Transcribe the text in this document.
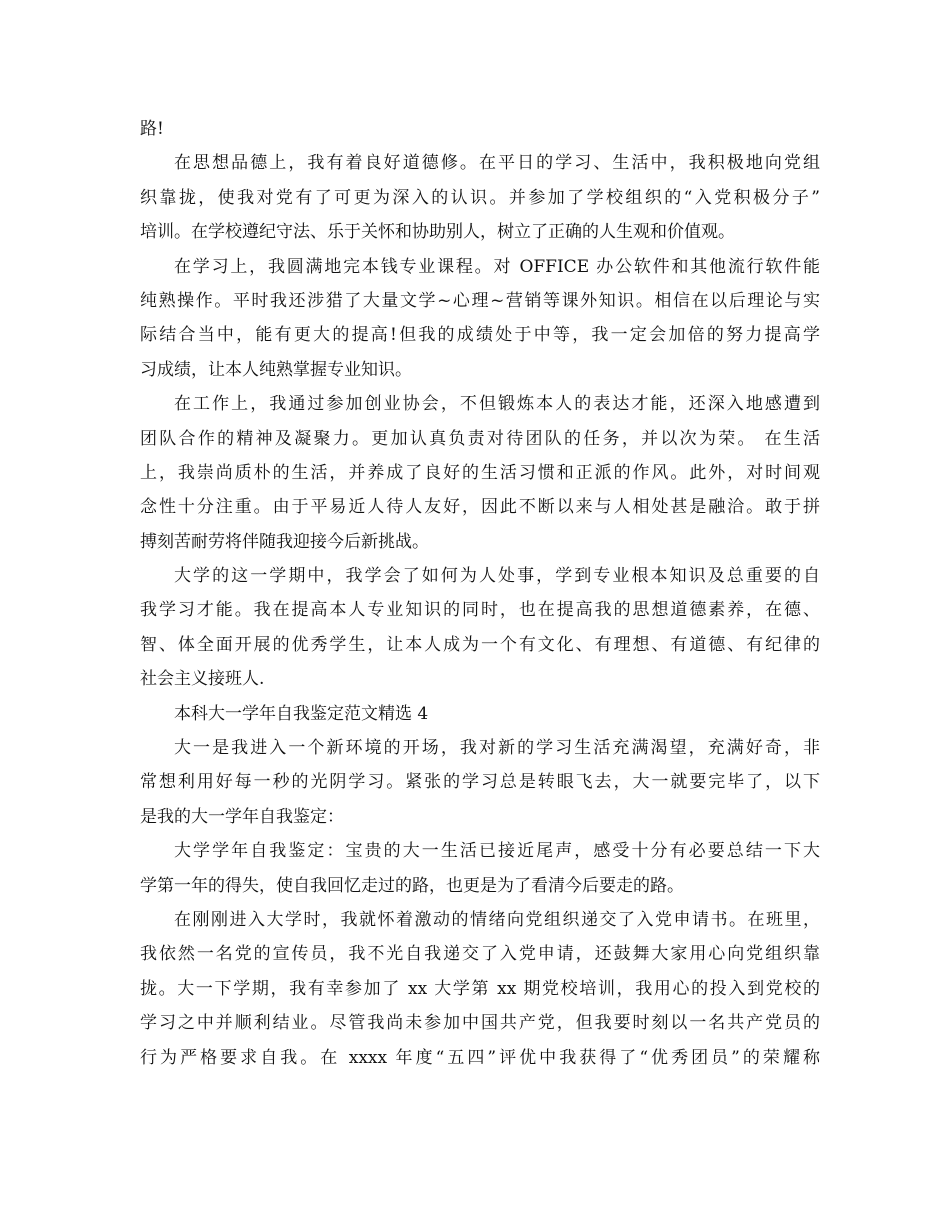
路!
在思想品德上，我有着良好道德修。在平日的学习、生活中，我积极地向党组
织靠拢，使我对党有了可更为深入的认识。并参加了学校组织的“入党积极分子”
培训。在学校遵纪守法、乐于关怀和协助别人，树立了正确的人生观和价值观。
在学习上，我圆满地完本钱专业课程。对 OFFICE 办公软件和其他流行软件能
纯熟操作。平时我还涉猎了大量文学~心理~营销等课外知识。相信在以后理论与实
际结合当中，能有更大的提高!但我的成绩处于中等，我一定会加倍的努力提高学
习成绩，让本人纯熟掌握专业知识。
在工作上，我通过参加创业协会，不但锻炼本人的表达才能，还深入地感遭到
团队合作的精神及凝聚力。更加认真负责对待团队的任务，并以次为荣。 在生活
上，我崇尚质朴的生活，并养成了良好的生活习惯和正派的作风。此外，对时间观
念性十分注重。由于平易近人待人友好，因此不断以来与人相处甚是融洽。敢于拼
搏刻苦耐劳将伴随我迎接今后新挑战。
大学的这一学期中，我学会了如何为人处事，学到专业根本知识及总重要的自
我学习才能。我在提高本人专业知识的同时，也在提高我的思想道德素养，在德、
智、体全面开展的优秀学生，让本人成为一个有文化、有理想、有道德、有纪律的
社会主义接班人.
本科大一学年自我鉴定范文精选 4
大一是我进入一个新环境的开场，我对新的学习生活充满渴望，充满好奇，非
常想利用好每一秒的光阴学习。紧张的学习总是转眼飞去，大一就要完毕了，以下
是我的大一学年自我鉴定：
大学学年自我鉴定：宝贵的大一生活已接近尾声，感受十分有必要总结一下大
学第一年的得失，使自我回忆走过的路，也更是为了看清今后要走的路。
在刚刚进入大学时，我就怀着激动的情绪向党组织递交了入党申请书。在班里，
我依然一名党的宣传员，我不光自我递交了入党申请，还鼓舞大家用心向党组织靠
拢。大一下学期，我有幸参加了 xx 大学第 xx 期党校培训，我用心的投入到党校的
学习之中并顺利结业。尽管我尚未参加中国共产党，但我要时刻以一名共产党员的
行为严格要求自我。在 xxxx 年度“五四”评优中我获得了“优秀团员”的荣耀称
